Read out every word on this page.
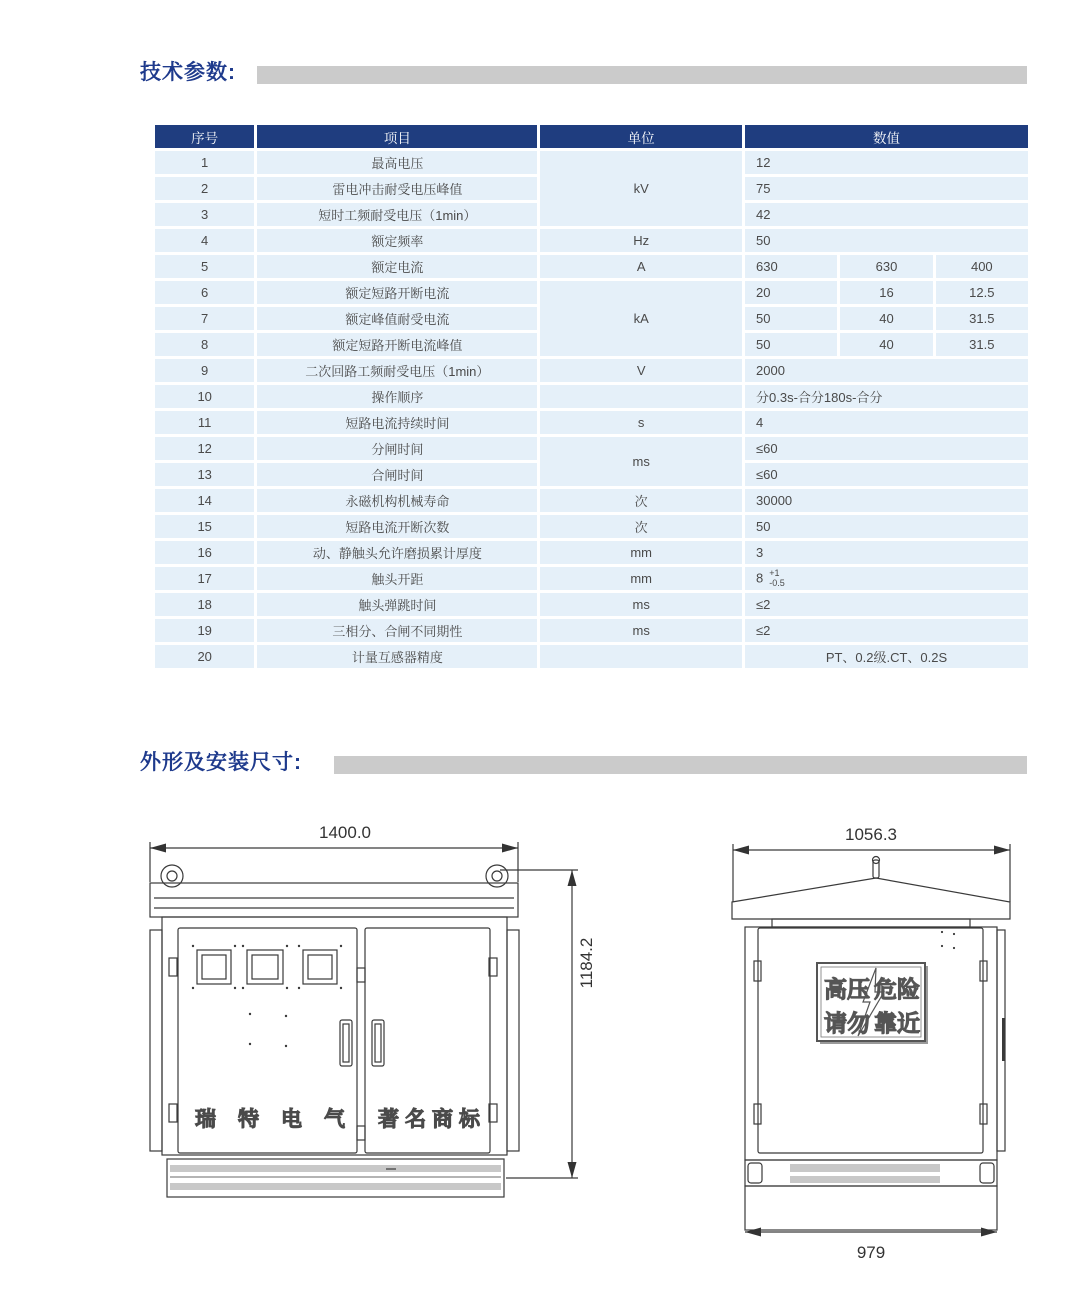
技术参数:
序号	项目	单位	数值		
1	最高电压	kV	12		
2	雷电冲击耐受电压峰值		75		
3	短时工频耐受电压（1min）		42		
4	额定频率	Hz	50		
5	额定电流	A	630	630	400
6	额定短路开断电流	kA	20	16	12.5
7	额定峰值耐受电流		50	40	31.5
8	额定短路开断电流峰值		50	40	31.5
9	二次回路工频耐受电压（1min）	V	2000		
10	操作顺序		分0.3s-合分180s-合分		
11	短路电流持续时间	s	4		
12	分闸时间	ms	≤60		
13	合闸时间		≤60		
14	永磁机构机械寿命	次	30000		
15	短路电流开断次数	次	50		
16	动、静触头允许磨损累计厚度	mm	3		
17	触头开距	mm	8 +1
-0.5		

18	触头弹跳时间	ms	≤2		
19	三相分、合闸不同期性	ms	≤2		
20	计量互感器精度		PT、0.2级.CT、0.2S		
外形及安装尺寸:
1400.0
1184.2
瑞特电气 著名商标
高压 危险
请勿 靠近
1056.3
979
